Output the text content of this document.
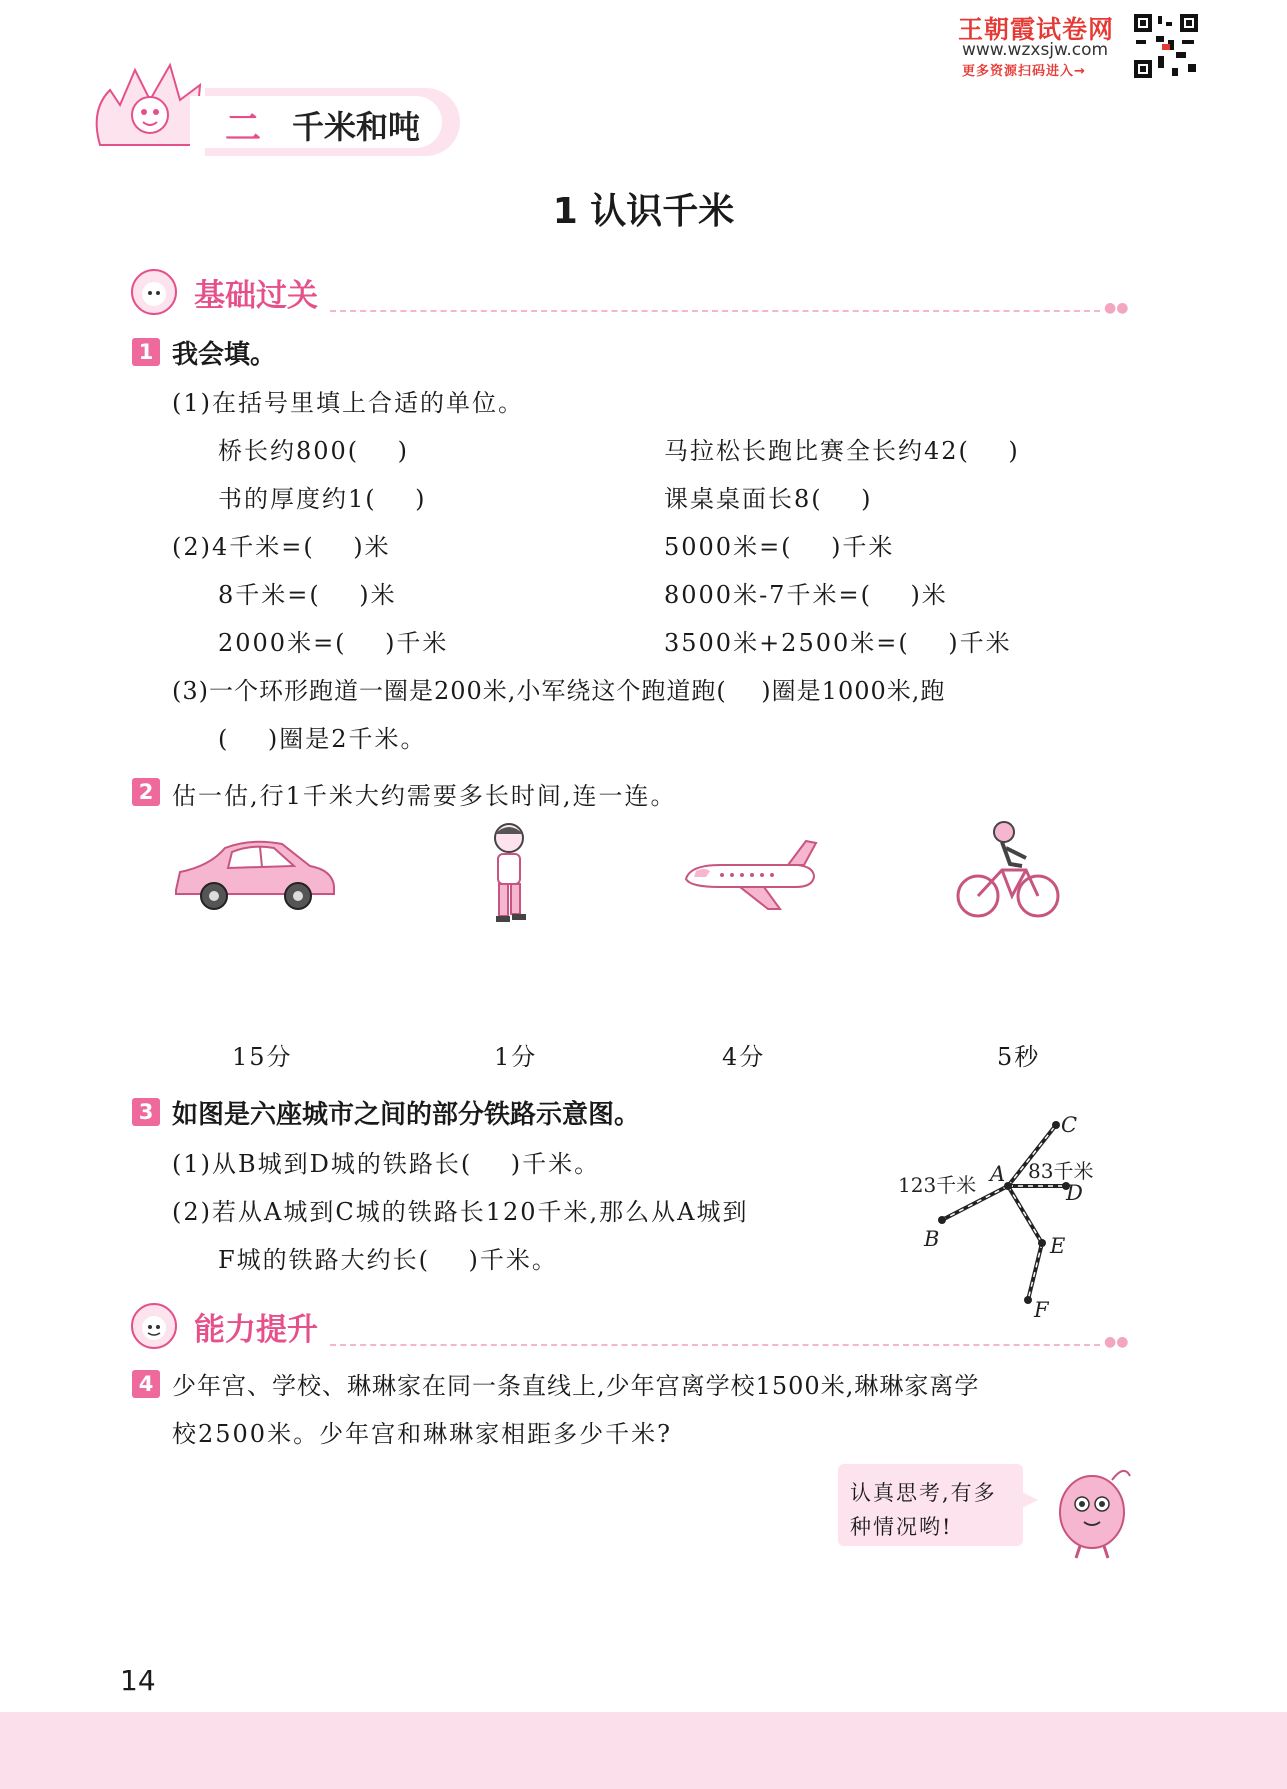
二 千米和吨
王朝霞试卷网
www.wzxsjw.com
更多资源扫码进入→
1 认识千米
基础过关	●●
1 我会填。
(1)在括号里填上合适的单位。
桥长约800(    )	马拉松长跑比赛全长约42(    )
书的厚度约1(    )	课桌桌面长8(    )
(2)4千米=(    )米	5000米=(    )千米
8千米=(    )米	8000米-7千米=(    )米
2000米=(    )千米	3500米+2500米=(    )千米
(3)一个环形跑道一圈是200米,小军绕这个跑道跑(    )圈是1000米,跑
(    )圈是2千米。
2 估一估,行1千米大约需要多长时间,连一连。
15分	1分	4分	5秒
3 如图是六座城市之间的部分铁路示意图。
(1)从B城到D城的铁路长(    )千米。
(2)若从A城到C城的铁路长120千米,那么从A城到
F城的铁路大约长(    )千米。
A
B
C
D
E
F
123千米
83千米
能力提升	●●
4 少年宫、学校、琳琳家在同一条直线上,少年宫离学校1500米,琳琳家离学
校2500米。少年宫和琳琳家相距多少千米?
认真思考,有多
种情况哟!
14
